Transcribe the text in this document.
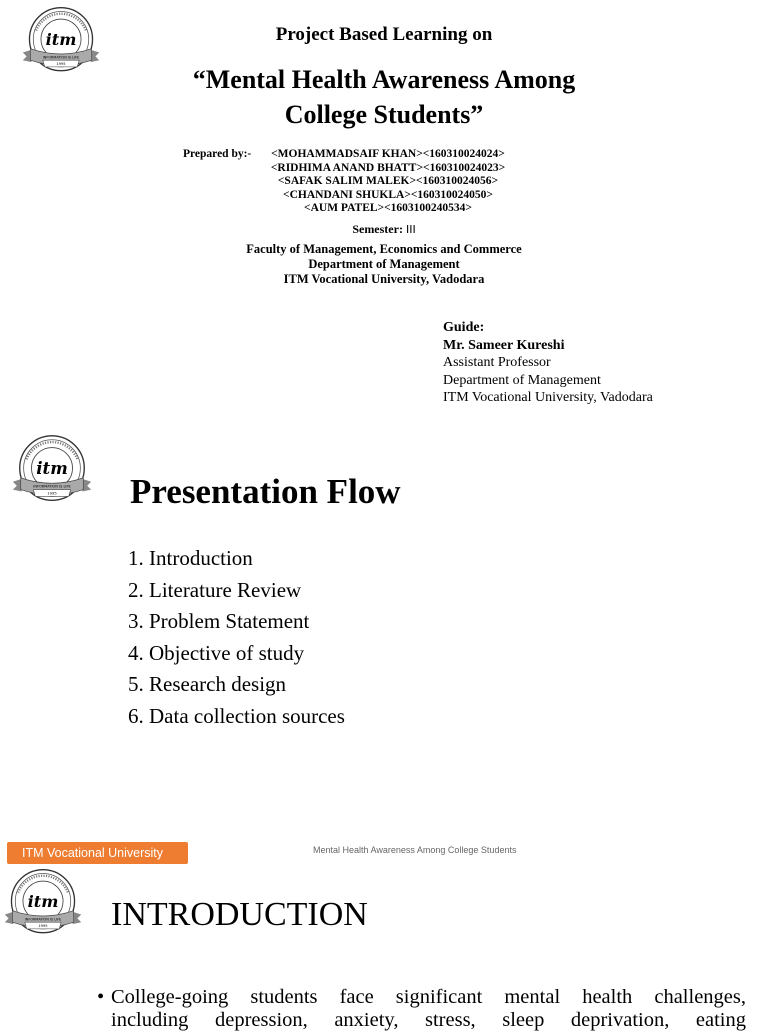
itm
INFORMATION IS LIFE
1995
Project Based Learning on
“Mental Health Awareness Among
College Students”
Prepared by:-	<MOHAMMADSAIF KHAN><160310024024>
<RIDHIMA ANAND BHATT><160310024023>
<SAFAK SALIM MALEK><160310024056>
<CHANDANI SHUKLA><160310024050>
<AUM PATEL><1603100240534>
Semester: III
Faculty of Management, Economics and Commerce
Department of Management
ITM Vocational University, Vadodara
Guide:
Mr. Sameer Kureshi
Assistant Professor
Department of Management
ITM Vocational University, Vadodara
itm
INFORMATION IS LIFE
1995 Presentation Flow
1. Introduction
2. Literature Review
3. Problem Statement
4. Objective of study
5. Research design
6. Data collection sources
itm
INFORMATION IS LIFE
1995
ITM Vocational University	Mental Health Awareness Among College Students
INTRODUCTION
• College-going students face significant mental health challenges,
including depression, anxiety, stress, sleep deprivation, eating
